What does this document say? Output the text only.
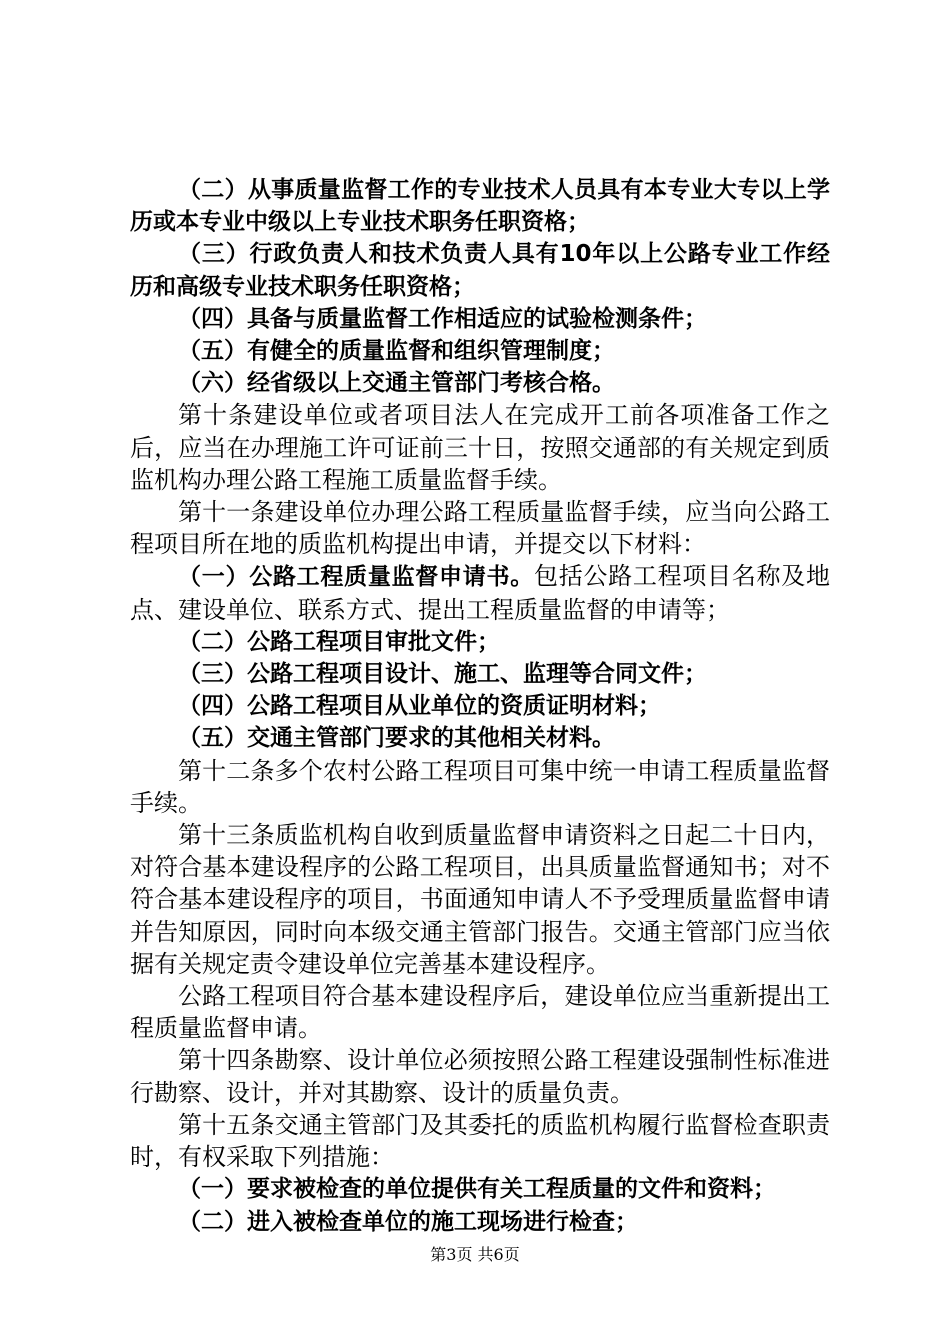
（二）从事质量监督工作的专业技术人员具有本专业大专以上学历或本专业中级以上专业技术职务任职资格；

（三）行政负责人和技术负责人具有10年以上公路专业工作经历和高级专业技术职务任职资格；

（四）具备与质量监督工作相适应的试验检测条件；

（五）有健全的质量监督和组织管理制度；

（六）经省级以上交通主管部门考核合格。

第十条建设单位或者项目法人在完成开工前各项准备工作之后，应当在办理施工许可证前三十日，按照交通部的有关规定到质监机构办理公路工程施工质量监督手续。

第十一条建设单位办理公路工程质量监督手续，应当向公路工程项目所在地的质监机构提出申请，并提交以下材料：

（一）公路工程质量监督申请书。包括公路工程项目名称及地点、建设单位、联系方式、提出工程质量监督的申请等；

（二）公路工程项目审批文件；

（三）公路工程项目设计、施工、监理等合同文件；

（四）公路工程项目从业单位的资质证明材料；

（五）交通主管部门要求的其他相关材料。

第十二条多个农村公路工程项目可集中统一申请工程质量监督手续。

第十三条质监机构自收到质量监督申请资料之日起二十日内，对符合基本建设程序的公路工程项目，出具质量监督通知书；对不符合基本建设程序的项目，书面通知申请人不予受理质量监督申请并告知原因，同时向本级交通主管部门报告。交通主管部门应当依据有关规定责令建设单位完善基本建设程序。

公路工程项目符合基本建设程序后，建设单位应当重新提出工程质量监督申请。

第十四条勘察、设计单位必须按照公路工程建设强制性标准进行勘察、设计，并对其勘察、设计的质量负责。

第十五条交通主管部门及其委托的质监机构履行监督检查职责时，有权采取下列措施：

（一）要求被检查的单位提供有关工程质量的文件和资料；

（二）进入被检查单位的施工现场进行检查；

第3页 共6页
